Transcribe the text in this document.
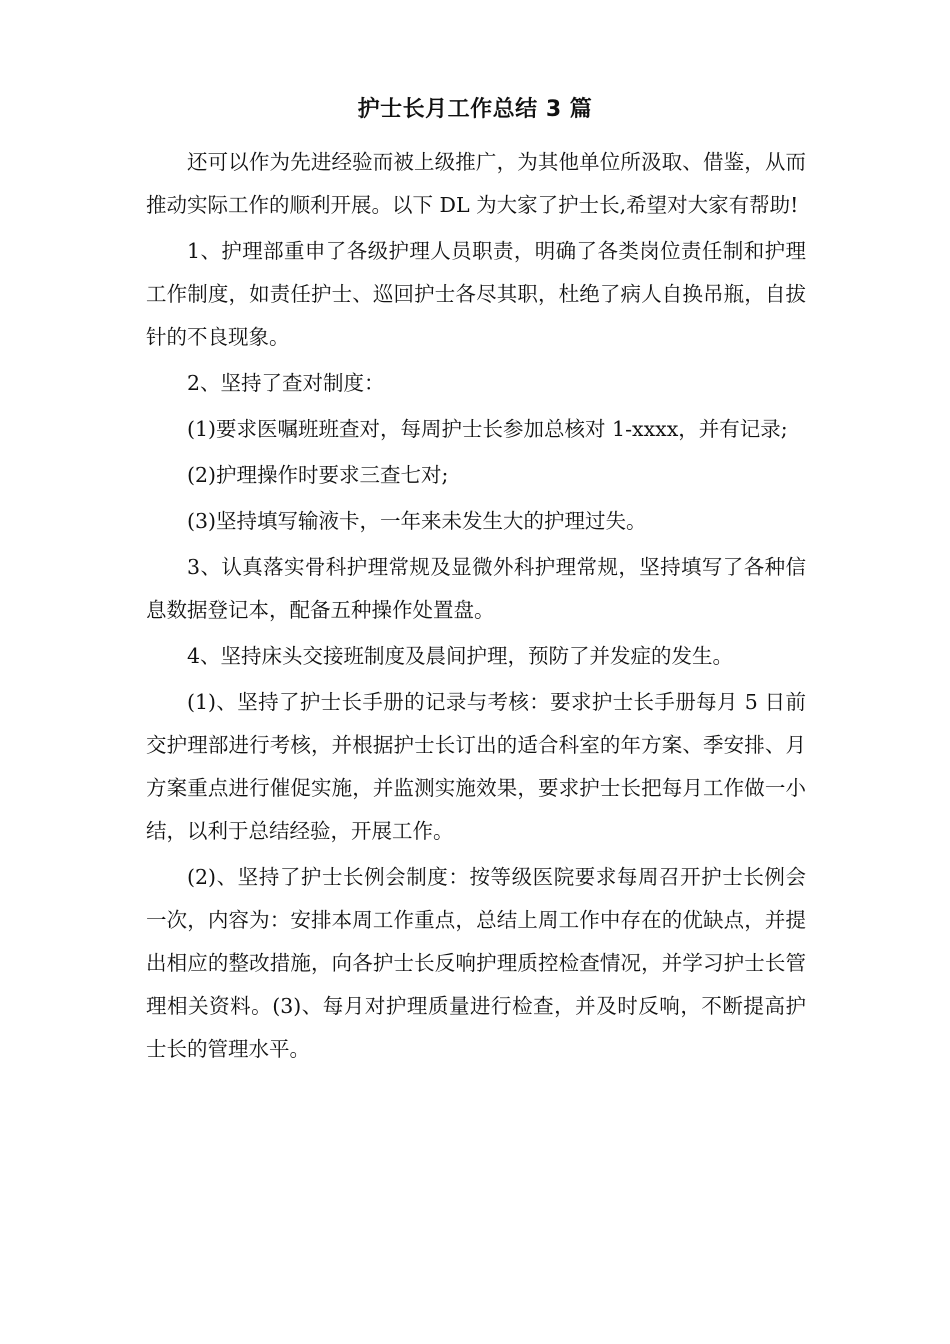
护士长月工作总结 3 篇

还可以作为先进经验而被上级推广，为其他单位所汲取、借鉴，从而推动实际工作的顺利开展。以下 DL 为大家了护士长,希望对大家有帮助!

1、护理部重申了各级护理人员职责，明确了各类岗位责任制和护理工作制度，如责任护士、巡回护士各尽其职，杜绝了病人自换吊瓶，自拔针的不良现象。

2、坚持了查对制度：

(1)要求医嘱班班查对，每周护士长参加总核对 1-xxxx，并有记录;

(2)护理操作时要求三查七对;

(3)坚持填写输液卡，一年来未发生大的护理过失。

3、认真落实骨科护理常规及显微外科护理常规，坚持填写了各种信息数据登记本，配备五种操作处置盘。

4、坚持床头交接班制度及晨间护理，预防了并发症的发生。

(1)、坚持了护士长手册的记录与考核：要求护士长手册每月 5 日前交护理部进行考核，并根据护士长订出的适合科室的年方案、季安排、月方案重点进行催促实施，并监测实施效果，要求护士长把每月工作做一小结，以利于总结经验，开展工作。

(2)、坚持了护士长例会制度：按等级医院要求每周召开护士长例会一次，内容为：安排本周工作重点，总结上周工作中存在的优缺点，并提出相应的整改措施，向各护士长反响护理质控检查情况，并学习护士长管理相关资料。(3)、每月对护理质量进行检查，并及时反响，不断提高护士长的管理水平。
